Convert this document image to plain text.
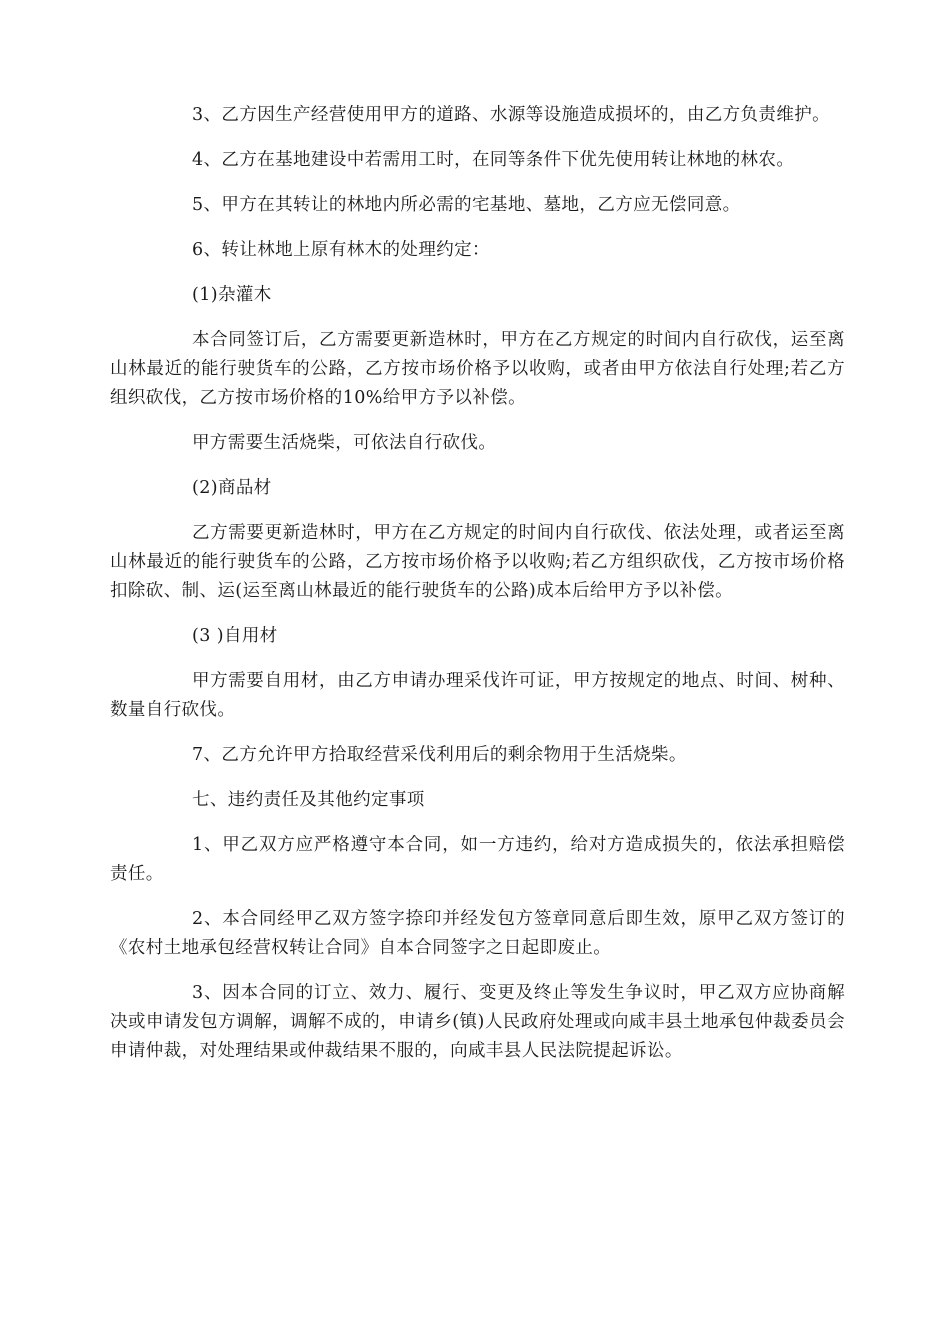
3、乙方因生产经营使用甲方的道路、水源等设施造成损坏的，由乙方负责维护。

4、乙方在基地建设中若需用工时，在同等条件下优先使用转让林地的林农。

5、甲方在其转让的林地内所必需的宅基地、墓地，乙方应无偿同意。

6、转让林地上原有林木的处理约定：

(1)杂灌木

本合同签订后，乙方需要更新造林时，甲方在乙方规定的时间内自行砍伐，运至离山林最近的能行驶货车的公路，乙方按市场价格予以收购，或者由甲方依法自行处理;若乙方组织砍伐，乙方按市场价格的10%给甲方予以补偿。

甲方需要生活烧柴，可依法自行砍伐。

(2)商品材

乙方需要更新造林时，甲方在乙方规定的时间内自行砍伐、依法处理，或者运至离山林最近的能行驶货车的公路，乙方按市场价格予以收购;若乙方组织砍伐，乙方按市场价格扣除砍、制、运(运至离山林最近的能行驶货车的公路)成本后给甲方予以补偿。

(3 )自用材

甲方需要自用材，由乙方申请办理采伐许可证，甲方按规定的地点、时间、树种、数量自行砍伐。

7、乙方允许甲方拾取经营采伐利用后的剩余物用于生活烧柴。

七、违约责任及其他约定事项

1、甲乙双方应严格遵守本合同，如一方违约，给对方造成损失的，依法承担赔偿责任。

2、本合同经甲乙双方签字捺印并经发包方签章同意后即生效，原甲乙双方签订的《农村土地承包经营权转让合同》自本合同签字之日起即废止。

3、因本合同的订立、效力、履行、变更及终止等发生争议时，甲乙双方应协商解决或申请发包方调解，调解不成的，申请乡(镇)人民政府处理或向咸丰县土地承包仲裁委员会申请仲裁，对处理结果或仲裁结果不服的，向咸丰县人民法院提起诉讼。
